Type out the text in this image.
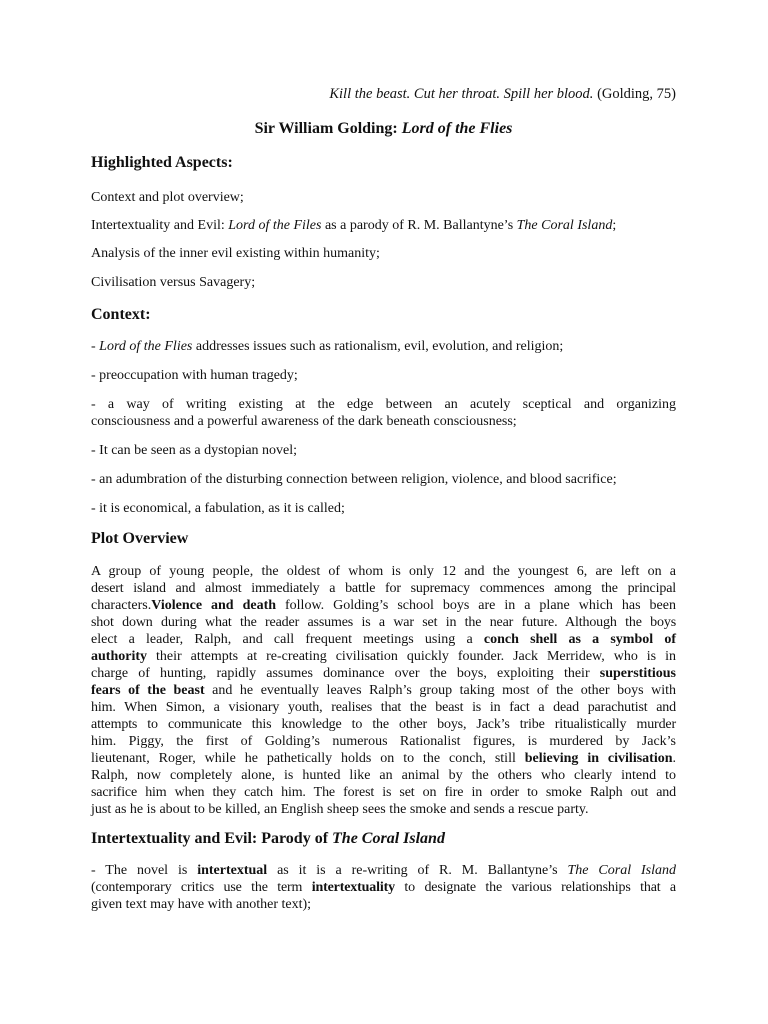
Kill the beast. Cut her throat. Spill her blood. (Golding, 75)
Sir William Golding: Lord of the Flies
Highlighted Aspects:
Context and plot overview;
Intertextuality and Evil: Lord of the Files as a parody of R. M. Ballantyne’s The Coral Island;
Analysis of the inner evil existing within humanity;
Civilisation versus Savagery;
Context:
- Lord of the Flies addresses issues such as rationalism, evil, evolution, and religion;
- preoccupation with human tragedy;
- a way of writing existing at the edge between an acutely sceptical and organizing
consciousness and a powerful awareness of the dark beneath consciousness;
- It can be seen as a dystopian novel;
- an adumbration of the disturbing connection between religion, violence, and blood sacrifice;
- it is economical, a fabulation, as it is called;
Plot Overview
A group of young people, the oldest of whom is only 12 and the youngest 6, are left on a
desert island and almost immediately a battle for supremacy commences among the principal
characters.Violence and death follow. Golding’s school boys are in a plane which has been
shot down during what the reader assumes is a war set in the near future. Although the boys
elect a leader, Ralph, and call frequent meetings using a conch shell as a symbol of
authority their attempts at re-creating civilisation quickly founder. Jack Merridew, who is in
charge of hunting, rapidly assumes dominance over the boys, exploiting their superstitious
fears of the beast and he eventually leaves Ralph’s group taking most of the other boys with
him. When Simon, a visionary youth, realises that the beast is in fact a dead parachutist and
attempts to communicate this knowledge to the other boys, Jack’s tribe ritualistically murder
him. Piggy, the first of Golding’s numerous Rationalist figures, is murdered by Jack’s
lieutenant, Roger, while he pathetically holds on to the conch, still believing in civilisation.
Ralph, now completely alone, is hunted like an animal by the others who clearly intend to
sacrifice him when they catch him. The forest is set on fire in order to smoke Ralph out and
just as he is about to be killed, an English sheep sees the smoke and sends a rescue party.
Intertextuality and Evil: Parody of The Coral Island
- The novel is intertextual as it is a re-writing of R. M. Ballantyne’s The Coral Island
(contemporary critics use the term intertextuality to designate the various relationships that a
given text may have with another text);
